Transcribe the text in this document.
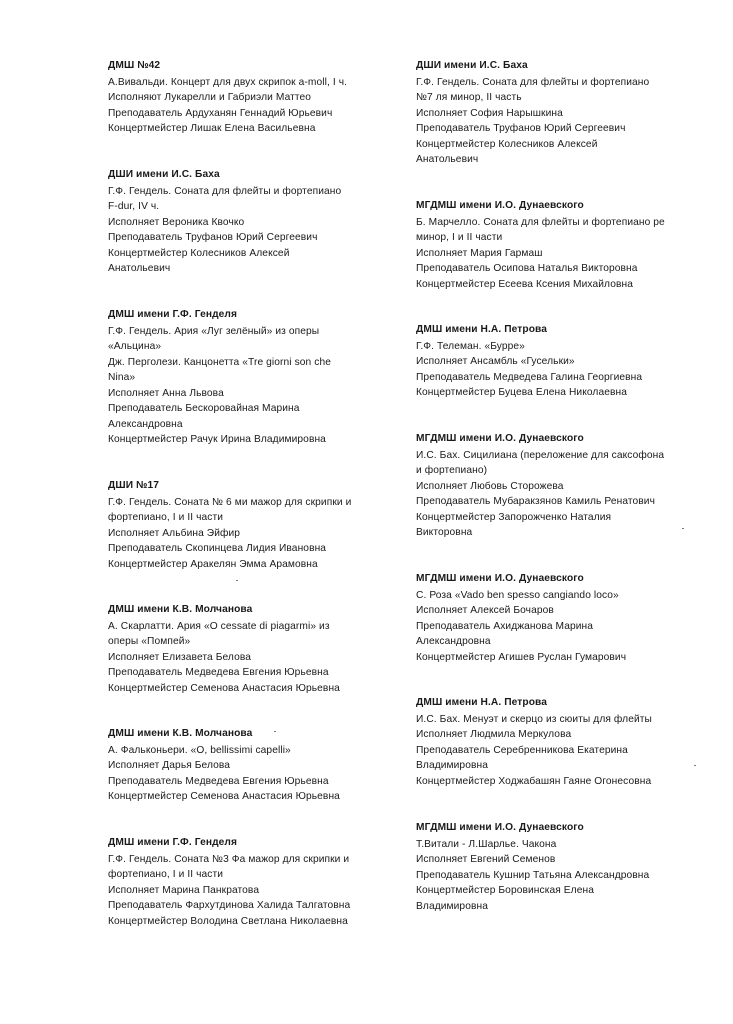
ДМШ №42

А.Вивальди. Концерт для двух скрипок a-moll, I ч.

Исполняют Лукарелли и Габриэли Маттео

Преподаватель Ардуханян Геннадий Юрьевич

Концертмейстер Лишак Елена Васильевна

ДШИ имени И.С. Баха

Г.Ф. Гендель. Соната для флейты и фортепиано

F-dur, IV ч.

Исполняет Вероника Квочко

Преподаватель Труфанов Юрий Сергеевич

Концертмейстер Колесников Алексей

Анатольевич

ДМШ имени Г.Ф. Генделя

Г.Ф. Гендель. Ария «Луг зелёный» из оперы

«Альцина»

Дж. Перголези. Канцонетта «Tre giorni son che

Nina»

Исполняет Анна Львова

Преподаватель Бескоровайная Марина

Александровна

Концертмейстер Рачук Ирина Владимировна

ДШИ №17

Г.Ф. Гендель. Соната № 6 ми мажор для скрипки и

фортепиано, I и II части

Исполняет Альбина Эйфир

Преподаватель Скопинцева Лидия Ивановна

Концертмейстер Аракелян Эмма Арамовна

ДМШ имени К.В. Молчанова

А. Скарлатти. Ария «O cessate di piagarmi» из

оперы «Помпей»

Исполняет Елизавета Белова

Преподаватель Медведева Евгения Юрьевна

Концертмейстер Семенова Анастасия Юрьевна

ДМШ имени К.В. Молчанова

А. Фальконьери. «O, bellissimi capelli»

Исполняет Дарья Белова

Преподаватель Медведева Евгения Юрьевна

Концертмейстер Семенова Анастасия Юрьевна

ДМШ имени Г.Ф. Генделя

Г.Ф. Гендель. Соната №3 Фа мажор для скрипки и

фортепиано, I и II части

Исполняет Марина Панкратова

Преподаватель Фархутдинова Халида Талгатовна

Концертмейстер Володина Светлана Николаевна

ДШИ имени И.С. Баха

Г.Ф. Гендель. Соната для флейты и фортепиано

№7 ля минор, II часть

Исполняет София Нарышкина

Преподаватель Труфанов Юрий Сергеевич

Концертмейстер Колесников Алексей

Анатольевич

МГДМШ имени И.О. Дунаевского

Б. Марчелло. Соната для флейты и фортепиано ре

минор, I и II части

Исполняет Мария Гармаш

Преподаватель Осипова Наталья Викторовна

Концертмейстер Есеева Ксения Михайловна

ДМШ имени Н.А. Петрова

Г.Ф. Телеман. «Бурре»

Исполняет Ансамбль «Гусельки»

Преподаватель Медведева Галина Георгиевна

Концертмейстер Буцева Елена Николаевна

МГДМШ имени И.О. Дунаевского

И.С. Бах. Сицилиана (переложение для саксофона

и фортепиано)

Исполняет Любовь Сторожева

Преподаватель Мубаракзянов Камиль Ренатович

Концертмейстер Запорожченко Наталия

Викторовна

МГДМШ имени И.О. Дунаевского

С. Роза «Vado ben spesso cangiando loco»

Исполняет Алексей Бочаров

Преподаватель Ахиджанова Марина

Александровна

Концертмейстер Агишев Руслан Гумарович

ДМШ имени Н.А. Петрова

И.С. Бах. Менуэт и скерцо из сюиты для флейты

Исполняет Людмила Меркулова

Преподаватель Серебренникова Екатерина

Владимировна

Концертмейстер Ходжабашян Гаяне Огонесовна

МГДМШ имени И.О. Дунаевского

Т.Витали - Л.Шарлье. Чакона

Исполняет Евгений Семенов

Преподаватель Кушнир Татьяна Александровна

Концертмейстер Боровинская Елена

Владимировна
